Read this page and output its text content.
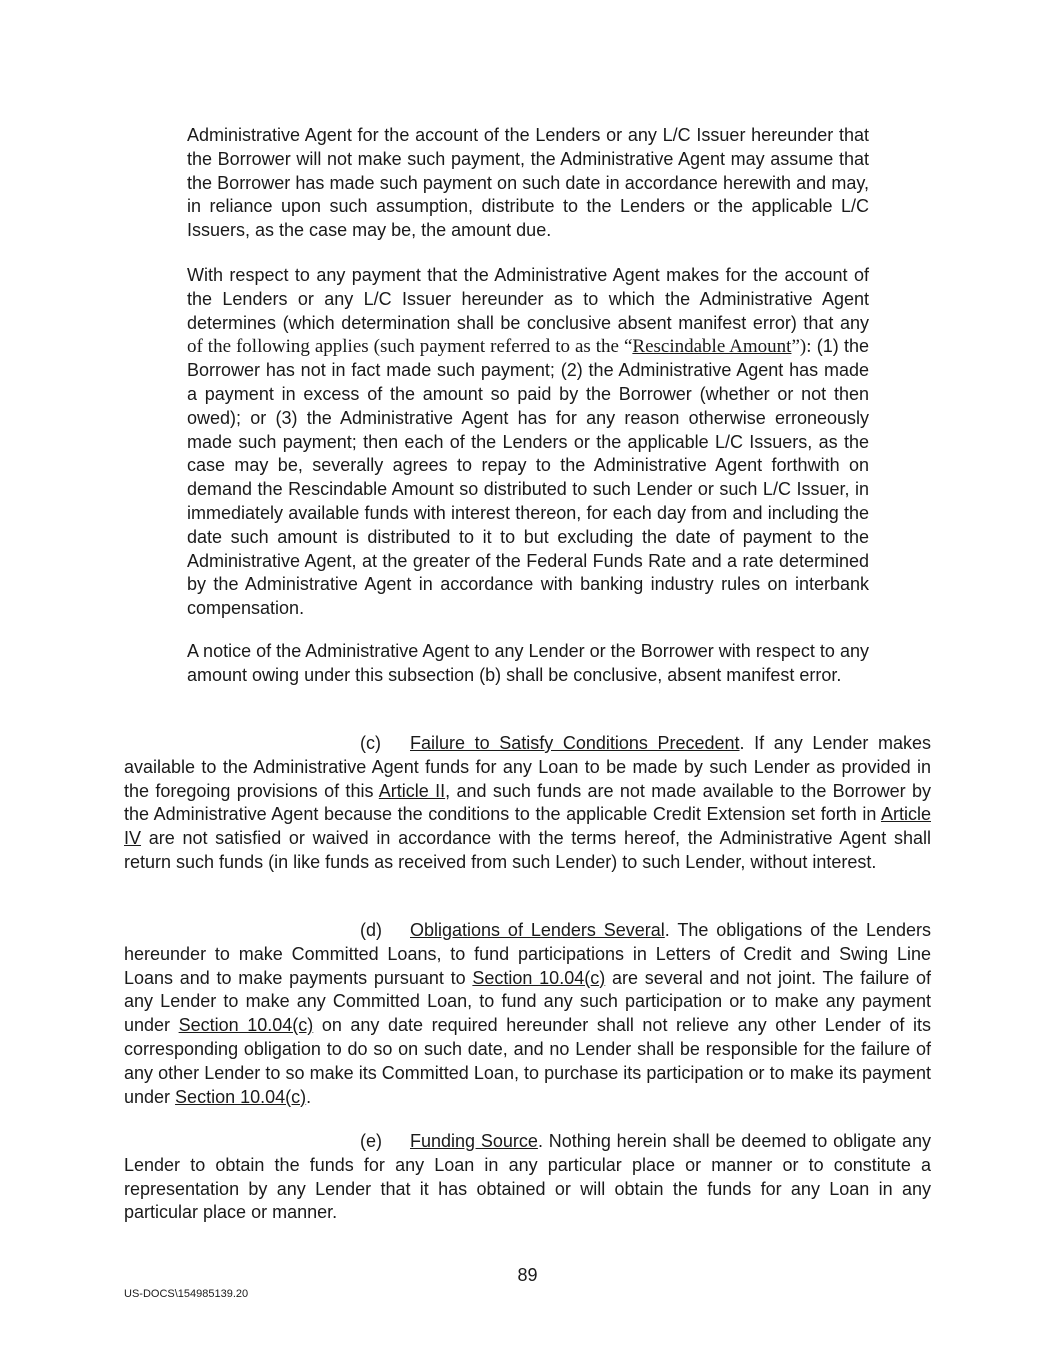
Administrative Agent for the account of the Lenders or any L/C Issuer hereunder that the Borrower will not make such payment, the Administrative Agent may assume that the Borrower has made such payment on such date in accordance herewith and may, in reliance upon such assumption, distribute to the Lenders or the applicable L/C Issuers, as the case may be, the amount due.

With respect to any payment that the Administrative Agent makes for the account of the Lenders or any L/C Issuer hereunder as to which the Administrative Agent determines (which determination shall be conclusive absent manifest error) that any of the following applies (such payment referred to as the “Rescindable Amount”): (1) the Borrower has not in fact made such payment; (2) the Administrative Agent has made a payment in excess of the amount so paid by the Borrower (whether or not then owed); or (3) the Administrative Agent has for any reason otherwise erroneously made such payment; then each of the Lenders or the applicable L/C Issuers, as the case may be, severally agrees to repay to the Administrative Agent forthwith on demand the Rescindable Amount so distributed to such Lender or such L/C Issuer, in immediately available funds with interest thereon, for each day from and including the date such amount is distributed to it to but excluding the date of payment to the Administrative Agent, at the greater of the Federal Funds Rate and a rate determined by the Administrative Agent in accordance with banking industry rules on interbank compensation.

A notice of the Administrative Agent to any Lender or the Borrower with respect to any amount owing under this subsection (b) shall be conclusive, absent manifest error.

(c) Failure to Satisfy Conditions Precedent. If any Lender makes available to the Administrative Agent funds for any Loan to be made by such Lender as provided in the foregoing provisions of this Article II, and such funds are not made available to the Borrower by the Administrative Agent because the conditions to the applicable Credit Extension set forth in Article IV are not satisfied or waived in accordance with the terms hereof, the Administrative Agent shall return such funds (in like funds as received from such Lender) to such Lender, without interest.

(d) Obligations of Lenders Several. The obligations of the Lenders hereunder to make Committed Loans, to fund participations in Letters of Credit and Swing Line Loans and to make payments pursuant to Section 10.04(c) are several and not joint. The failure of any Lender to make any Committed Loan, to fund any such participation or to make any payment under Section 10.04(c) on any date required hereunder shall not relieve any other Lender of its corresponding obligation to do so on such date, and no Lender shall be responsible for the failure of any other Lender to so make its Committed Loan, to purchase its participation or to make its payment under Section 10.04(c).

(e) Funding Source. Nothing herein shall be deemed to obligate any Lender to obtain the funds for any Loan in any particular place or manner or to constitute a representation by any Lender that it has obtained or will obtain the funds for any Loan in any particular place or manner.

89
US-DOCS\154985139.20
